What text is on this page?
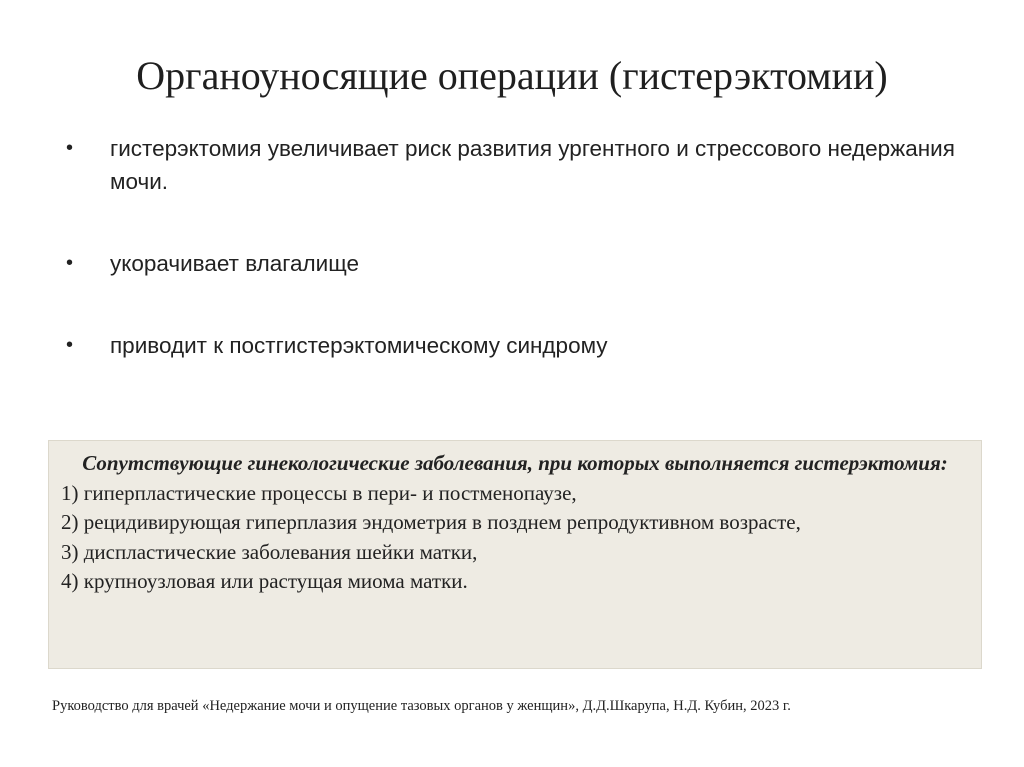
Органоуносящие операции (гистерэктомии)
•	гистерэктомия увеличивает риск развития ургентного и стрессового недержания мочи.
•	укорачивает влагалище
•	приводит к постгистерэктомическому синдрому

Сопутствующие гинекологические заболевания, при которых выполняется гистерэктомия:

1) гиперпластические процессы в пери- и постменопаузе,
2) рецидивирующая гиперплазия эндометрия в позднем репродуктивном возрасте,
3) диспластические заболевания шейки матки,
4) крупноузловая или растущая миома матки.
Руководство для врачей «Недержание мочи и опущение тазовых органов у женщин», Д.Д.Шкарупа, Н.Д. Кубин, 2023 г.
